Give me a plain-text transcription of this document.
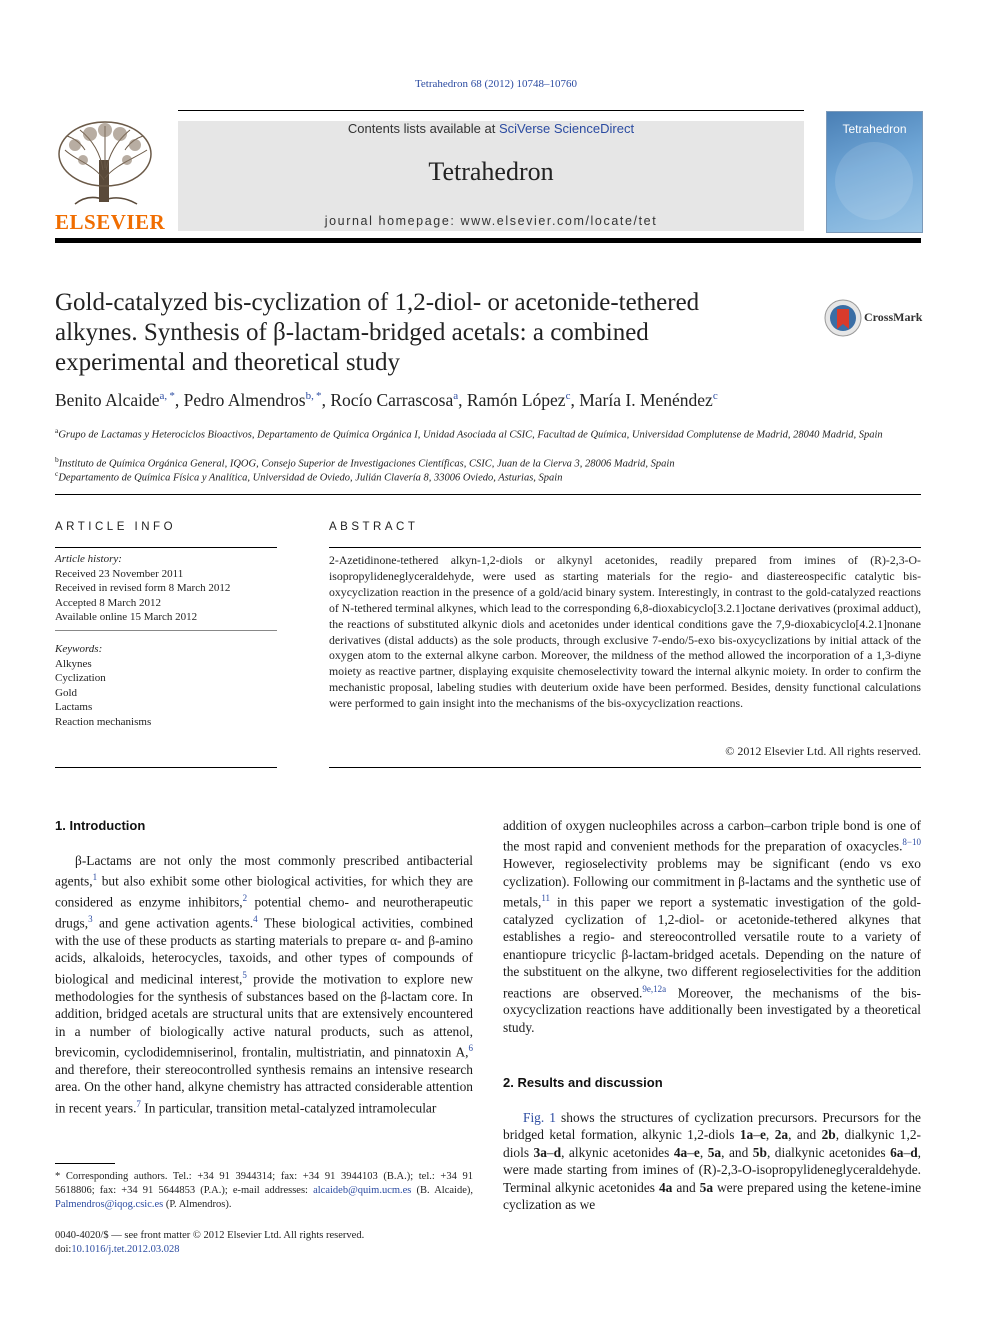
Tetrahedron 68 (2012) 10748–10760
ELSEVIER
Contents lists available at SciVerse ScienceDirect
Tetrahedron
journal homepage: www.elsevier.com/locate/tet
Tetrahedron
Gold-catalyzed bis-cyclization of 1,2-diol- or acetonide-tethered alkynes. Synthesis of β-lactam-bridged acetals: a combined experimental and theoretical study
CrossMark
Benito Alcaide$^{a, *}$, Pedro Almendros$^{b, *}$, Rocío Carrascosa$^a$, Ramón López$^c$, María I. Menéndez$^c$
$^a$Grupo de Lactamas y Heterociclos Bioactivos, Departamento de Química Orgánica I, Unidad Asociada al CSIC, Facultad de Química, Universidad Complutense de Madrid, 28040 Madrid, Spain
$^b$Instituto de Química Orgánica General, IQOG, Consejo Superior de Investigaciones Científicas, CSIC, Juan de la Cierva 3, 28006 Madrid, Spain
$^c$Departamento de Química Física y Analítica, Universidad de Oviedo, Julián Clavería 8, 33006 Oviedo, Asturias, Spain
ARTICLE INFO
Article history:
Received 23 November 2011
Received in revised form 8 March 2012
Accepted 8 March 2012
Available online 15 March 2012
Keywords:
Alkynes
Cyclization
Gold
Lactams
Reaction mechanisms
ABSTRACT
2-Azetidinone-tethered alkyn-1,2-diols or alkynyl acetonides, readily prepared from imines of (R)-2,3-O-isopropylideneglyceraldehyde, were used as starting materials for the regio- and diastereospecific catalytic bis-oxycyclization reaction in the presence of a gold/acid binary system. Interestingly, in contrast to the gold-catalyzed reactions of N-tethered terminal alkynes, which lead to the corresponding 6,8-dioxabicyclo[3.2.1]octane derivatives (proximal adduct), the reactions of substituted alkynic diols and acetonides under identical conditions gave the 7,9-dioxabicyclo[4.2.1]nonane derivatives (distal adducts) as the sole products, through exclusive 7-endo/5-exo bis-oxycyclizations by initial attack of the oxygen atom to the external alkyne carbon. Moreover, the mildness of the method allowed the incorporation of a 1,3-diyne moiety as reactive partner, displaying exquisite chemoselectivity toward the internal alkynic moiety. In order to confirm the mechanistic proposal, labeling studies with deuterium oxide have been performed. Besides, density functional calculations were performed to gain insight into the mechanisms of the bis-oxycyclization reactions.
© 2012 Elsevier Ltd. All rights reserved.
1. Introduction

β-Lactams are not only the most commonly prescribed antibacterial agents,$^1$ but also exhibit some other biological activities, for which they are considered as enzyme inhibitors,$^2$ potential chemo- and neurotherapeutic drugs,$^3$ and gene activation agents.$^4$ These biological activities, combined with the use of these products as starting materials to prepare α- and β-amino acids, alkaloids, heterocycles, taxoids, and other types of compounds of biological and medicinal interest,$^5$ provide the motivation to explore new methodologies for the synthesis of substances based on the β-lactam core. In addition, bridged acetals are structural units that are extensively encountered in a number of biologically active natural products, such as attenol, brevicomin, cyclodidemniserinol, frontalin, multistriatin, and pinnatoxin A,$^6$ and therefore, their stereocontrolled synthesis remains an intensive research area. On the other hand, alkyne chemistry has attracted considerable attention in recent years.$^7$ In particular, transition metal-catalyzed intramolecular

* Corresponding authors. Tel.: +34 91 3944314; fax: +34 91 3944103 (B.A.); tel.: +34 91 5618806; fax: +34 91 5644853 (P.A.); e-mail addresses: alcaideb@quim.ucm.es (B. Alcaide), Palmendros@iqog.csic.es (P. Almendros).
0040-4020/$ — see front matter © 2012 Elsevier Ltd. All rights reserved.
doi:10.1016/j.tet.2012.03.028

addition of oxygen nucleophiles across a carbon–carbon triple bond is one of the most rapid and convenient methods for the preparation of oxacycles.$^{8-10}$ However, regioselectivity problems may be significant (endo vs exo cyclization). Following our commitment in β-lactams and the synthetic use of metals,$^{11}$ in this paper we report a systematic investigation of the gold-catalyzed cyclization of 1,2-diol- or acetonide-tethered alkynes that establishes a regio- and stereocontrolled versatile route to a variety of enantiopure tricyclic β-lactam-bridged acetals. Depending on the nature of the substituent on the alkyne, two different regioselectivities for the addition reactions are observed.$^{9e,12a}$ Moreover, the mechanisms of the bis-oxycyclization reactions have additionally been investigated by a theoretical study.

2. Results and discussion

Fig. 1 shows the structures of cyclization precursors. Precursors for the bridged ketal formation, alkynic 1,2-diols 1a–e, 2a, and 2b, dialkynic 1,2-diols 3a–d, alkynic acetonides 4a–e, 5a, and 5b, dialkynic acetonides 6a–d, were made starting from imines of (R)-2,3-O-isopropylideneglyceraldehyde. Terminal alkynic acetonides 4a and 5a were prepared using the ketene-imine cyclization as we
